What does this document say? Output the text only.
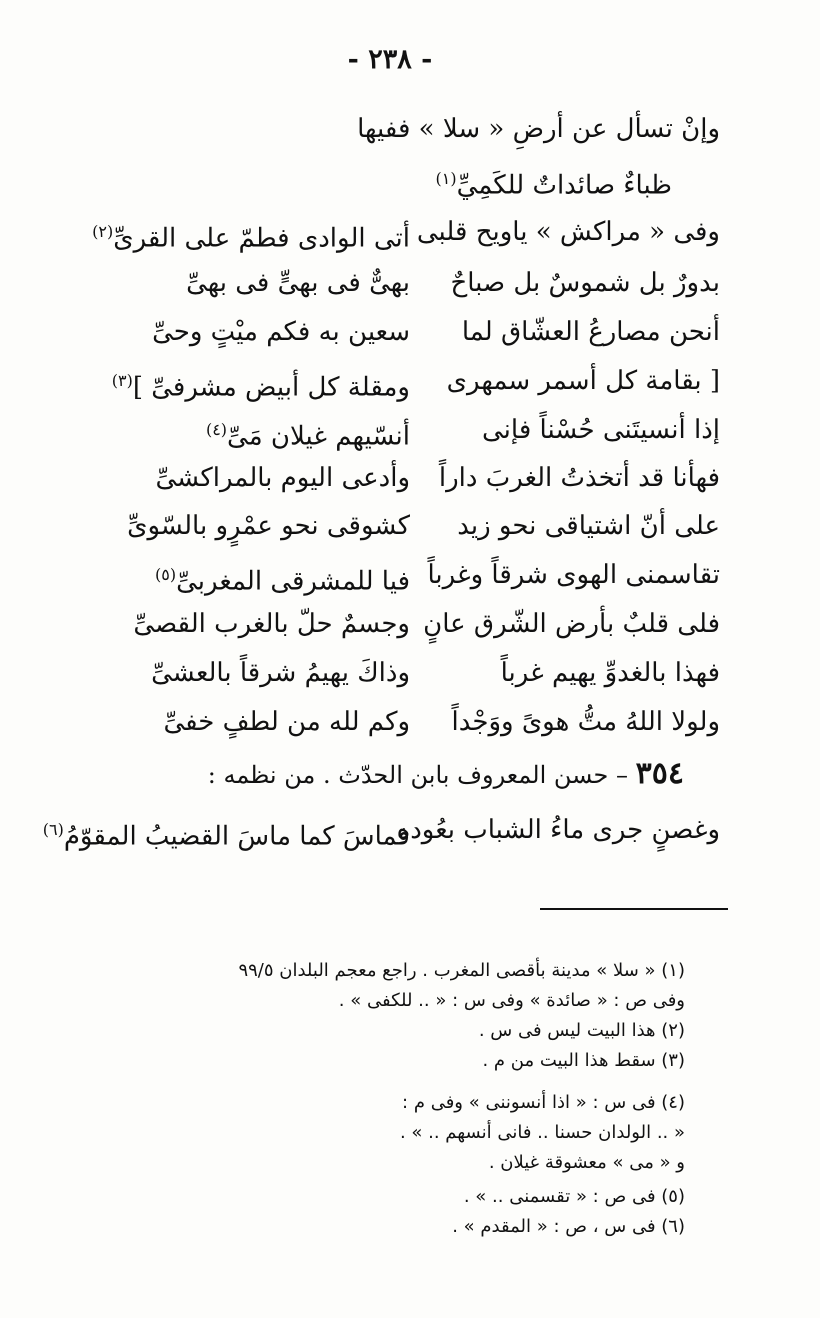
- ٢٣٨ -
وإنْ تسأل عن أرضِ « سلا » ففيها
ظباءٌ صائداتٌ للكَمِيِّ$^{(١)}$
وفى « مراكش » ياويح قلبى
أتى الوادى فطمّ على القرىِّ$^{(٢)}$
بدورٌ بل شموسٌ بل صباحٌ
بهىٌّ فى بهىٍّ فى بهىِّ
أنحن مصارعُ العشّاق لما
سعين به فكم ميْتٍ وحىِّ
[ بقامة كل أسمر سمهرى
ومقلة كل أبيض مشرفىِّ ]$^{(٣)}$
إذا أنسيتَنى حُسْناً فإنى
أنسّيهم غيلان مَىِّ$^{(٤)}$
فهأنا قد أتخذتُ الغربَ داراً
وأدعى اليوم بالمراكشىِّ
على أنّ اشتياقى نحو زيد
كشوقى نحو عمْرٍو بالسّوىِّ
تقاسمنى الهوى شرقاً وغرباً
فيا للمشرقى المغربىِّ$^{(٥)}$
فلى قلبٌ بأرض الشّرق عانٍ
وجسمٌ حلّ بالغرب القصىِّ
فهذا بالغدوِّ يهيم غرباً
وذاكَ يهيمُ شرقاً بالعشىِّ
ولولا اللهُ متُّ هوىً ووَجْداً
وكم لله من لطفٍ خفىِّ
٣٥٤ – حسن المعروف بابن الحدّث . من نظمه :
وغصنٍ جرى ماءُ الشباب بعُودهِ
فماسَ كما ماسَ القضيبُ المقوّمُ$^{(٦)}$
(١) « سلا » مدينة بأقصى المغرب . راجع معجم البلدان ٩٩/٥
وفى ص : « صائدة » وفى س : « .. للكفى » .
(٢) هذا البيت ليس فى س .
(٣) سقط هذا البيت من م .
(٤) فى س : « اذا أنسوننى » وفى م :
« .. الولدان حسنا .. فانى أنسهم .. » .
و « مى » معشوقة غيلان .
(٥) فى ص : « تقسمنى .. » .
(٦) فى س ، ص : « المقدم » .
